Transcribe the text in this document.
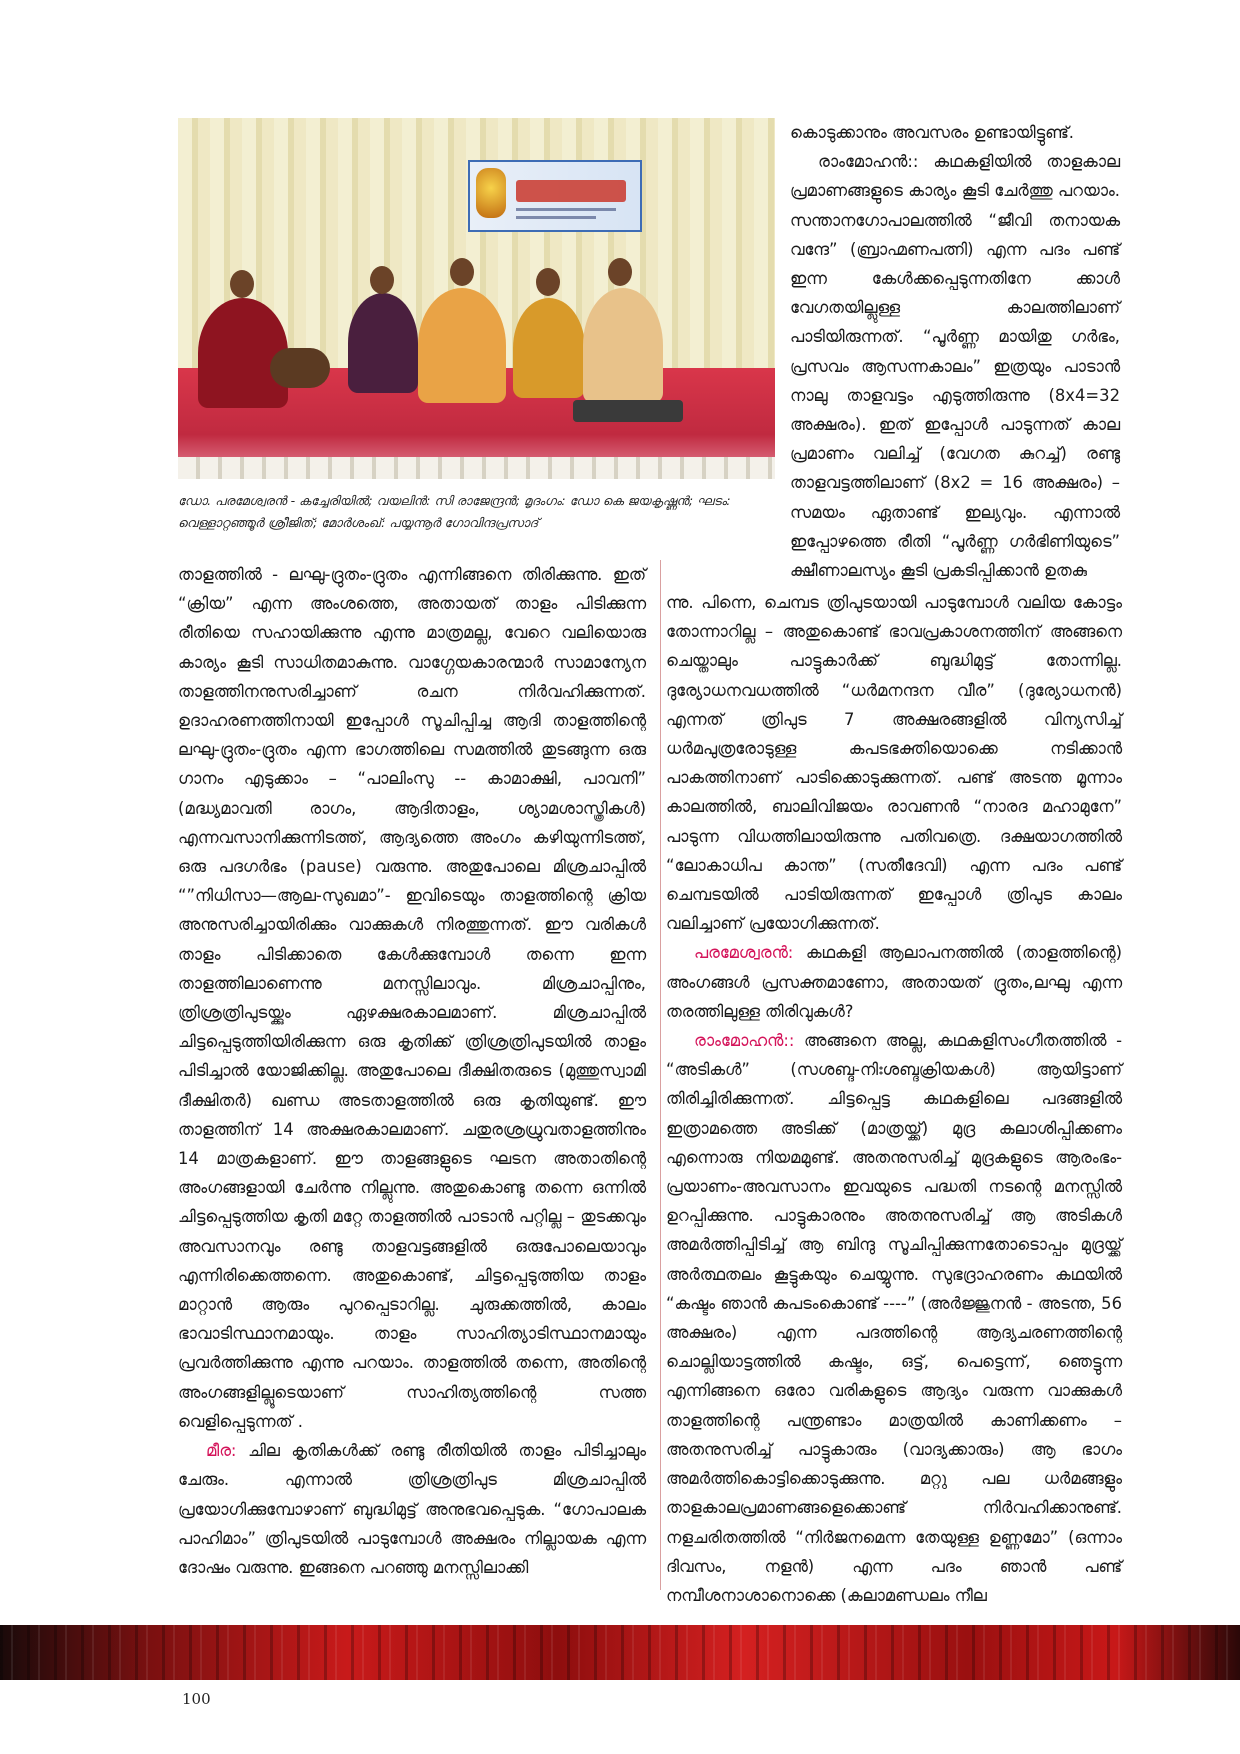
ഡോ. പരമേശ്വരൻ - കച്ചേരിയിൽ; വയലിൻ: സി രാജേന്ദ്രൻ; മൃദംഗം: ഡോ കെ ജയകൃഷ്ണൻ; ഘടം:
വെള്ളാറ്റഞ്ഞൂർ ശ്രീജിത്; മോർശംഖ്: പയ്യന്നൂർ ഗോവിന്ദപ്രസാദ്

കൊടുക്കാനും അവസരം ഉണ്ടായിട്ടുണ്ട്.

രാംമോഹൻ:: കഥകളിയിൽ താളകാല പ്രമാണങ്ങളുടെ കാര്യം കൂടി ചേർത്തു പറയാം. സന്താനഗോപാലത്തിൽ “ജീവി തനായക വന്ദേ” (ബ്രാഹ്മണപത്നി) എന്ന പദം പണ്ട് ഇന്ന കേൾക്കപ്പെടുന്നതിനേ ക്കാൾ വേഗതയില്ലുള്ള കാലത്തിലാണ് പാടിയിരുന്നത്. “പൂർണ്ണ മായിതു ഗർഭം, പ്രസവം ആസന്നകാലം” ഇത്രയും പാടാൻ നാലു താളവട്ടം എടുത്തിരുന്നു (8x4=32 അക്ഷരം). ഇത് ഇപ്പോൾ പാടുന്നത് കാല പ്രമാണം വലിച്ച് (വേഗത കുറച്ച്) രണ്ടു താളവട്ടത്തിലാണ് (8x2 = 16 അക്ഷരം) – സമയം ഏതാണ്ട് ഇല്യവും. എന്നാൽ ഇപ്പോഴത്തെ രീതി “പൂർണ്ണ ഗർഭിണിയുടെ” ക്ഷീണാലസ്യം കൂടി പ്രകടിപ്പിക്കാൻ ഉതകു

താളത്തിൽ - ലഘു-ദ്രുതം-ദ്രുതം എന്നിങ്ങനെ തിരിക്കുന്നു. ഇത് “ക്രിയ” എന്ന അംശത്തെ, അതായത് താളം പിടിക്കുന്ന രീതിയെ സഹായിക്കുന്നു എന്നു മാത്രമല്ല, വേറെ വലിയൊരു കാര്യം കൂടി സാധിതമാകുന്നു. വാഗ്ഗേയകാരന്മാർ സാമാന്യേന താളത്തിനനുസരിച്ചാണ് രചന നിർവഹിക്കുന്നത്. ഉദാഹരണത്തിനായി ഇപ്പോൾ സൂചിപ്പിച്ച ആദി താളത്തിന്റെ ലഘു-ദ്രുതം-ദ്രുതം എന്ന ഭാഗത്തിലെ സമത്തിൽ തുടങ്ങുന്ന ഒരു ഗാനം എടുക്കാം – “പാലിംസു -- കാമാക്ഷി, പാവനി” (മദ്ധ്യമാവതി രാഗം, ആദിതാളം, ശ്യാമശാസ്ത്രികൾ) എന്നവസാനിക്കുന്നിടത്ത്, ആദ്യത്തെ അംഗം കഴിയുന്നിടത്ത്, ഒരു പദഗർഭം (pause) വരുന്നു. അതുപോലെ മിശ്രചാപ്പിൽ “”നിധിസാ—ആല-സുഖമാ”- ഇവിടെയും താളത്തിന്റെ ക്രിയ അനുസരിച്ചായിരിക്കും വാക്കുകൾ നിരത്തുന്നത്. ഈ വരികൾ താളം പിടിക്കാതെ കേൾക്കുമ്പോൾ തന്നെ ഇന്ന താളത്തിലാണെന്നു മനസ്സിലാവും. മിശ്രചാപ്പിനും, ത്രിശ്രത്രിപുടയ്ക്കും ഏഴക്ഷരകാലമാണ്. മിശ്രചാപ്പിൽ ചിട്ടപ്പെടുത്തിയിരിക്കുന്ന ഒരു കൃതിക്ക് ത്രിശ്രത്രിപുടയിൽ താളം പിടിച്ചാൽ യോജിക്കില്ല. അതുപോലെ ദീക്ഷിതരുടെ (മുത്തുസ്വാമി ദീക്ഷിതർ) ഖണ്ഡ അടതാളത്തിൽ ഒരു കൃതിയുണ്ട്. ഈ താളത്തിന് 14 അക്ഷരകാലമാണ്. ചതുരശ്രധ്രുവതാളത്തിനും 14 മാത്രകളാണ്. ഈ താളങ്ങളുടെ ഘടന അതാതിന്റെ അംഗങ്ങളായി ചേർന്നു നില്ലുന്നു. അതുകൊണ്ടു തന്നെ ഒന്നിൽ ചിട്ടപ്പെടുത്തിയ കൃതി മറ്റേ താളത്തിൽ പാടാൻ പറ്റില്ല – തുടക്കവും അവസാനവും രണ്ടു താളവട്ടങ്ങളിൽ ഒരുപോലെയാവും എന്നിരിക്കെത്തന്നെ. അതുകൊണ്ട്, ചിട്ടപ്പെടുത്തിയ താളം മാറ്റാൻ ആരും പുറപ്പെടാറില്ല. ചുരുക്കത്തിൽ, കാലം ഭാവാടിസ്ഥാനമായും. താളം സാഹിത്യാടിസ്ഥാനമായും പ്രവർത്തിക്കുന്നു എന്നു പറയാം. താളത്തിൽ തന്നെ, അതിന്റെ അംഗങ്ങളില്ലൂടെയാണ് സാഹിത്യത്തിന്റെ സത്ത വെളിപ്പെടുന്നത് .

മീര: ചില കൃതികൾക്ക് രണ്ടു രീതിയിൽ താളം പിടിച്ചാലും ചേരും. എന്നാൽ ത്രിശ്രത്രിപുട മിശ്രചാപ്പിൽ പ്രയോഗിക്കുമ്പോഴാണ് ബുദ്ധിമുട്ട് അനുഭവപ്പെടുക. “ഗോപാലക പാഹിമാം” ത്രിപുടയിൽ പാടുമ്പോൾ അക്ഷരം നില്ലായക എന്ന ദോഷം വരുന്നു. ഇങ്ങനെ പറഞ്ഞു മനസ്സിലാക്കി

ന്നു. പിന്നെ, ചെമ്പട ത്രിപുടയായി പാടുമ്പോൾ വലിയ കോട്ടം തോന്നാറില്ല – അതുകൊണ്ട് ഭാവപ്രകാശനത്തിന് അങ്ങനെ ചെയ്താലും പാട്ടുകാർക്ക് ബുദ്ധിമുട്ട് തോന്നില്ല. ദുര്യോധനവധത്തിൽ “ധർമനന്ദന വീര” (ദുര്യോധനൻ) എന്നത് ത്രിപുട 7 അക്ഷരങ്ങളിൽ വിന്യസിച്ച് ധർമപുത്രരോടുള്ള കപടഭക്തിയൊക്കെ നടിക്കാൻ പാകത്തിനാണ് പാടിക്കൊടുക്കുന്നത്. പണ്ട് അടന്ത മൂന്നാം കാലത്തിൽ, ബാലിവിജയം രാവണൻ “നാരദ മഹാമുനേ” പാടുന്ന വിധത്തിലായിരുന്നു പതിവത്രെ. ദക്ഷയാഗത്തിൽ “ലോകാധിപ കാന്ത” (സതീദേവി) എന്ന പദം പണ്ട് ചെമ്പടയിൽ പാടിയിരുന്നത് ഇപ്പോൾ ത്രിപുട കാലം വലിച്ചാണ് പ്രയോഗിക്കുന്നത്.

പരമേശ്വരൻ: കഥകളി ആലാപനത്തിൽ (താളത്തിന്റെ) അംഗങ്ങൾ പ്രസക്തമാണോ, അതായത് ദ്രുതം,ലഘു എന്ന തരത്തിലുള്ള തിരിവുകൾ?

രാംമോഹൻ:: അങ്ങനെ അല്ല, കഥകളിസംഗീതത്തിൽ - “അടികൾ” (സശബ്ദ-നിഃശബ്ദക്രിയകൾ) ആയിട്ടാണ് തിരിച്ചിരിക്കുന്നത്. ചിട്ടപ്പെട്ട കഥകളിലെ പദങ്ങളിൽ ഇത്രാമത്തെ അടിക്ക് (മാത്രയ്ക്ക്) മുദ്ര കലാശിപ്പിക്കണം എന്നൊരു നിയമമുണ്ട്. അതനുസരിച്ച് മുദ്രകളുടെ ആരംഭം-പ്രയാണം-അവസാനം ഇവയുടെ പദ്ധതി നടന്റെ മനസ്സിൽ ഉറപ്പിക്കുന്നു. പാട്ടുകാരനും അതനുസരിച്ച് ആ അടികൾ അമർത്തിപ്പിടിച്ച് ആ ബിന്ദു സൂചിപ്പിക്കുന്നതോടൊപ്പം മുദ്രയ്ക്ക് അർത്ഥതലം കൂട്ടുകയും ചെയ്യുന്നു. സുഭദ്രാഹരണം കഥയിൽ “കഷ്ടം ഞാൻ കപടംകൊണ്ട് ----” (അർജ്ജുനൻ - അടന്ത, 56 അക്ഷരം) എന്ന പദത്തിന്റെ ആദ്യചരണത്തിന്റെ ചൊല്ലിയാട്ടത്തിൽ കഷ്ടം, ഒട്ട്, പെട്ടെന്ന്, ഞെട്ടുന്ന എന്നിങ്ങനെ ഒരോ വരികളുടെ ആദ്യം വരുന്ന വാക്കുകൾ താളത്തിന്റെ പന്ത്രണ്ടാം മാത്രയിൽ കാണിക്കണം – അതനുസരിച്ച് പാട്ടുകാരും (വാദ്യക്കാരും) ആ ഭാഗം അമർത്തികൊട്ടിക്കൊടുക്കുന്നു. മറ്റു പല ധർമങ്ങളും താളകാലപ്രമാണങ്ങളെക്കൊണ്ട് നിർവഹിക്കാനുണ്ട്. നളചരിതത്തിൽ “നിർജനമെന്ന തേയുള്ള ഉണ്ണമോ” (ഒന്നാം ദിവസം, നളൻ) എന്ന പദം ഞാൻ പണ്ട് നമ്പീശനാശാനൊക്കെ (കലാമണ്ഡലം നീല

100
